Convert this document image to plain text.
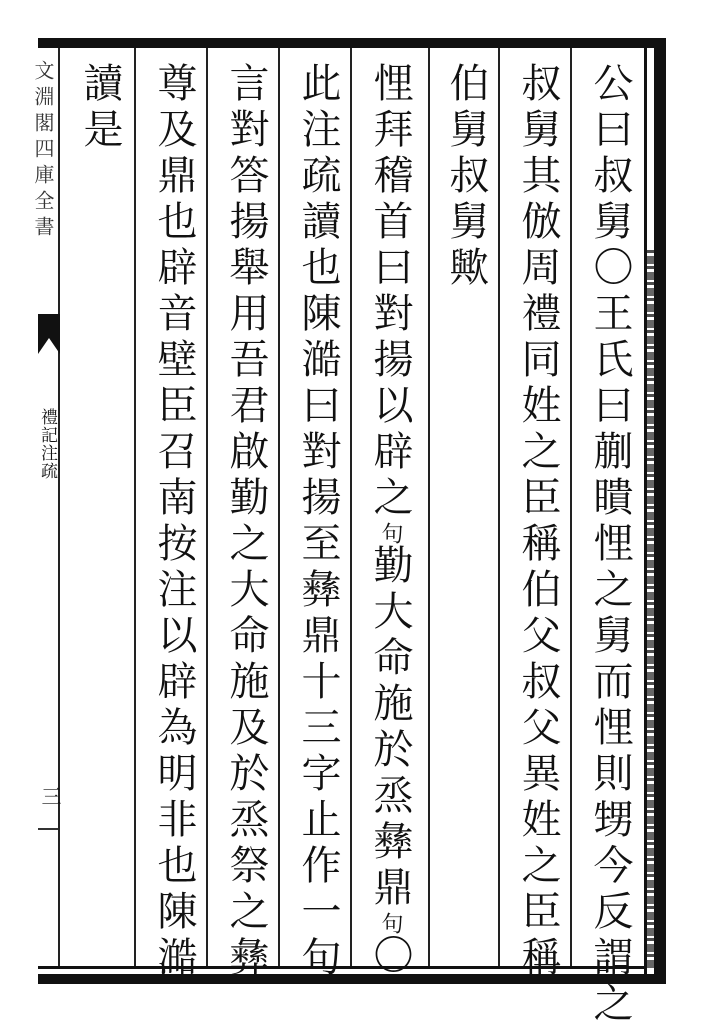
文淵閣四庫全書
禮記注疏
三	公曰叔舅〇王氏曰蒯瞶悝之舅而悝則甥今反謂之
叔舅其倣周禮同姓之臣稱伯父叔父異姓之臣稱
伯舅叔舅歟
悝拜稽首曰對揚以辟之句勤大命施於烝彝鼎句〇
此注疏讀也陳澔曰對揚至彝鼎十三字止作一句
言對答揚舉用吾君啟勤之大命施及於烝祭之彝
尊及鼎也辟音壁臣召南按注以辟為明非也陳澔
讀是
